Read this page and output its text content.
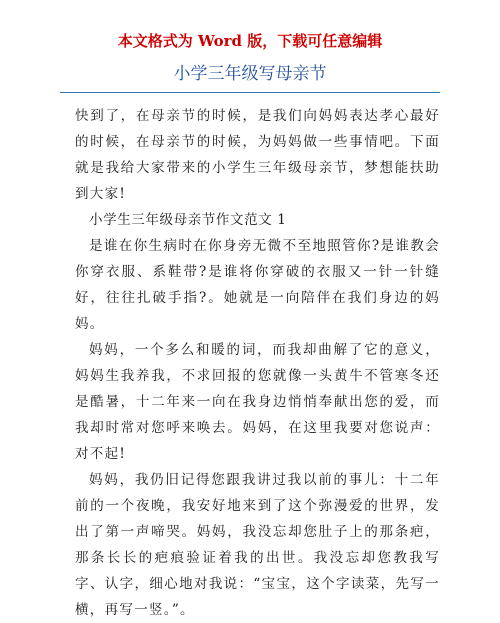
本文格式为 Word 版，下载可任意编辑
小学三年级写母亲节

快到了，在母亲节的时候，是我们向妈妈表达孝心最好的时候，在母亲节的时候，为妈妈做一些事情吧。下面就是我给大家带来的小学生三年级母亲节，梦想能扶助到大家!

小学生三年级母亲节作文范文 1

是谁在你生病时在你身旁无微不至地照管你?是谁教会你穿衣服、系鞋带?是谁将你穿破的衣服又一针一针缝好，往往扎破手指?。她就是一向陪伴在我们身边的妈妈。

妈妈，一个多么和暖的词，而我却曲解了它的意义，妈妈生我养我，不求回报的您就像一头黄牛不管寒冬还是酷暑，十二年来一向在我身边悄悄奉献出您的爱，而我却时常对您呼来唤去。妈妈，在这里我要对您说声：对不起!

妈妈，我仍旧记得您跟我讲过我以前的事儿：十二年前的一个夜晚，我安好地来到了这个弥漫爱的世界，发出了第一声啼哭。妈妈，我没忘却您肚子上的那条疤，那条长长的疤痕验证着我的出世。我没忘却您教我写字、认字，细心地对我说：“宝宝，这个字读菜，先写一横，再写一竖。”。
